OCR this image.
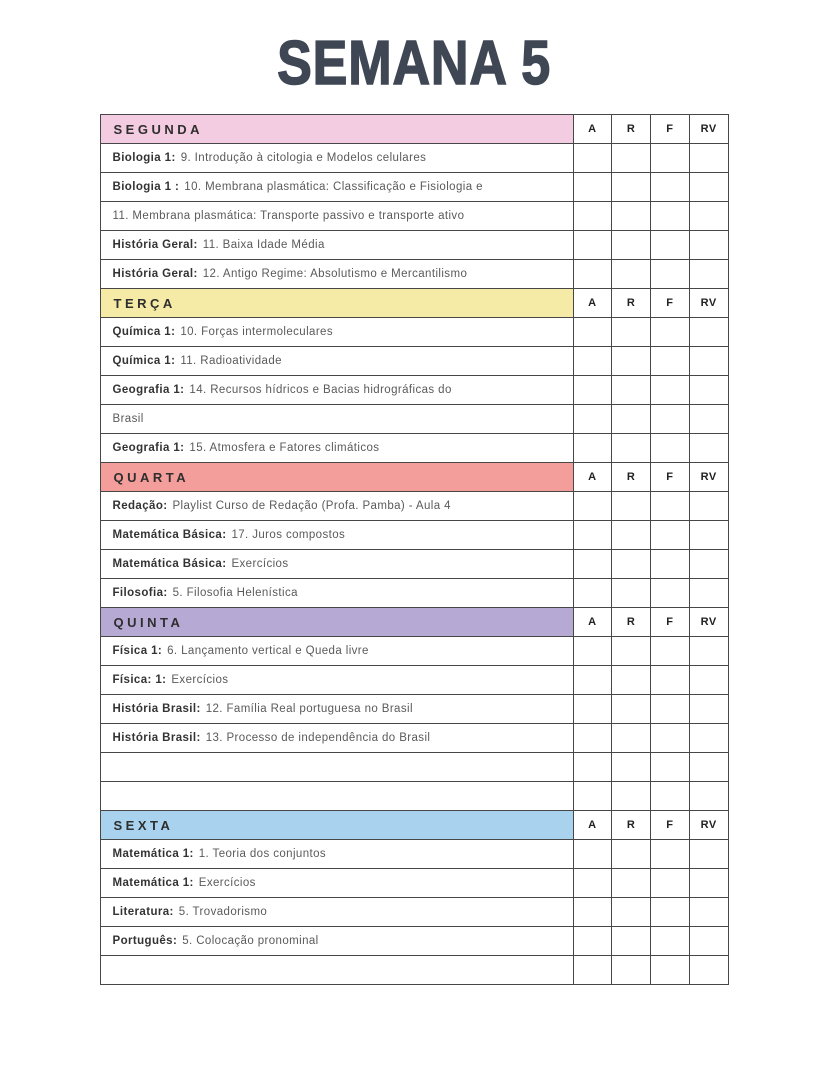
SEMANA 5
SEGUNDA	A	R	F	RV
Biologia 1: 9. Introdução à citologia e Modelos celulares				
Biologia 1 : 10. Membrana plasmática: Classificação e Fisiologia e				
11. Membrana plasmática: Transporte passivo e transporte ativo				
História Geral: 11. Baixa Idade Média				
História Geral: 12. Antigo Regime: Absolutismo e Mercantilismo				
TERÇA	A	R	F	RV
Química 1: 10. Forças intermoleculares				
Química 1: 11. Radioatividade				
Geografia 1: 14. Recursos hídricos e Bacias hidrográficas do				
Brasil				
Geografia 1: 15. Atmosfera e Fatores climáticos				
QUARTA	A	R	F	RV
Redação: Playlist Curso de Redação (Profa. Pamba) - Aula 4				
Matemática Básica: 17. Juros compostos				
Matemática Básica: Exercícios				
Filosofia: 5. Filosofia Helenística				
QUINTA	A	R	F	RV
Física 1: 6. Lançamento vertical e Queda livre				
Física: 1: Exercícios				
História Brasil: 12. Família Real portuguesa no Brasil				
História Brasil: 13. Processo de independência do Brasil				

SEXTA	A	R	F	RV
Matemática 1: 1. Teoria dos conjuntos				
Matemática 1: Exercícios				
Literatura: 5. Trovadorismo				
Português: 5. Colocação pronominal				
